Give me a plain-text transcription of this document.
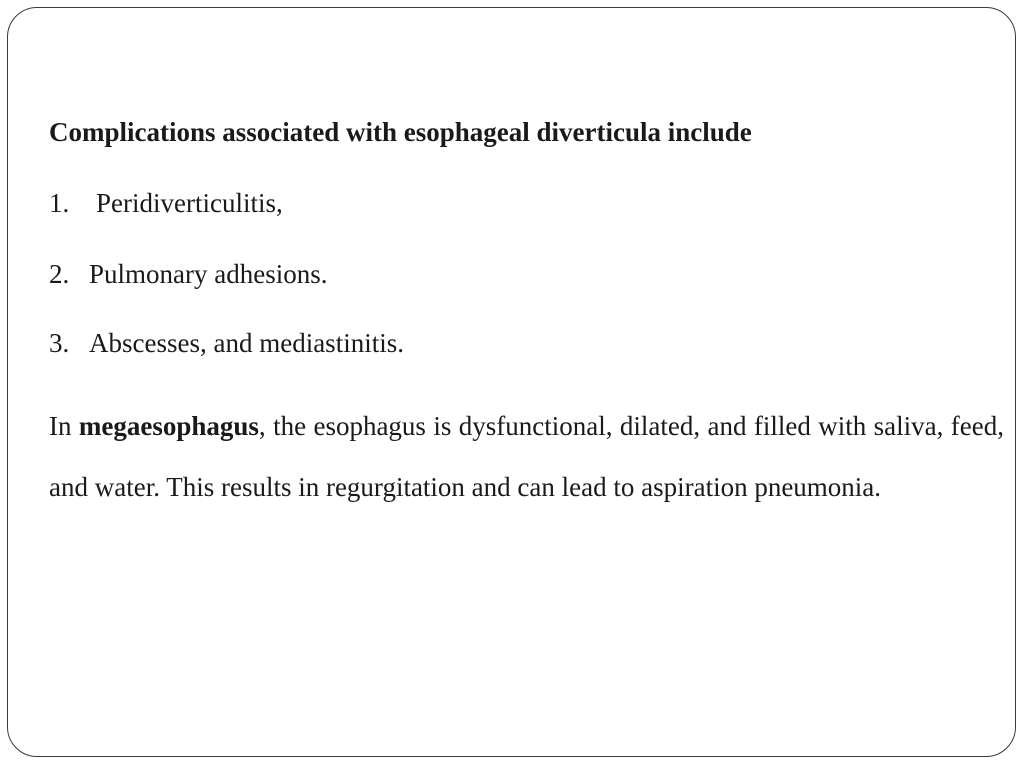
Complications associated with esophageal diverticula include
1. Peridiverticulitis,
2. Pulmonary adhesions.
3. Abscesses, and mediastinitis.
In megaesophagus, the esophagus is dysfunctional, dilated, and filled with saliva, feed, and water. This results in regurgitation and can lead to aspiration pneumonia.
